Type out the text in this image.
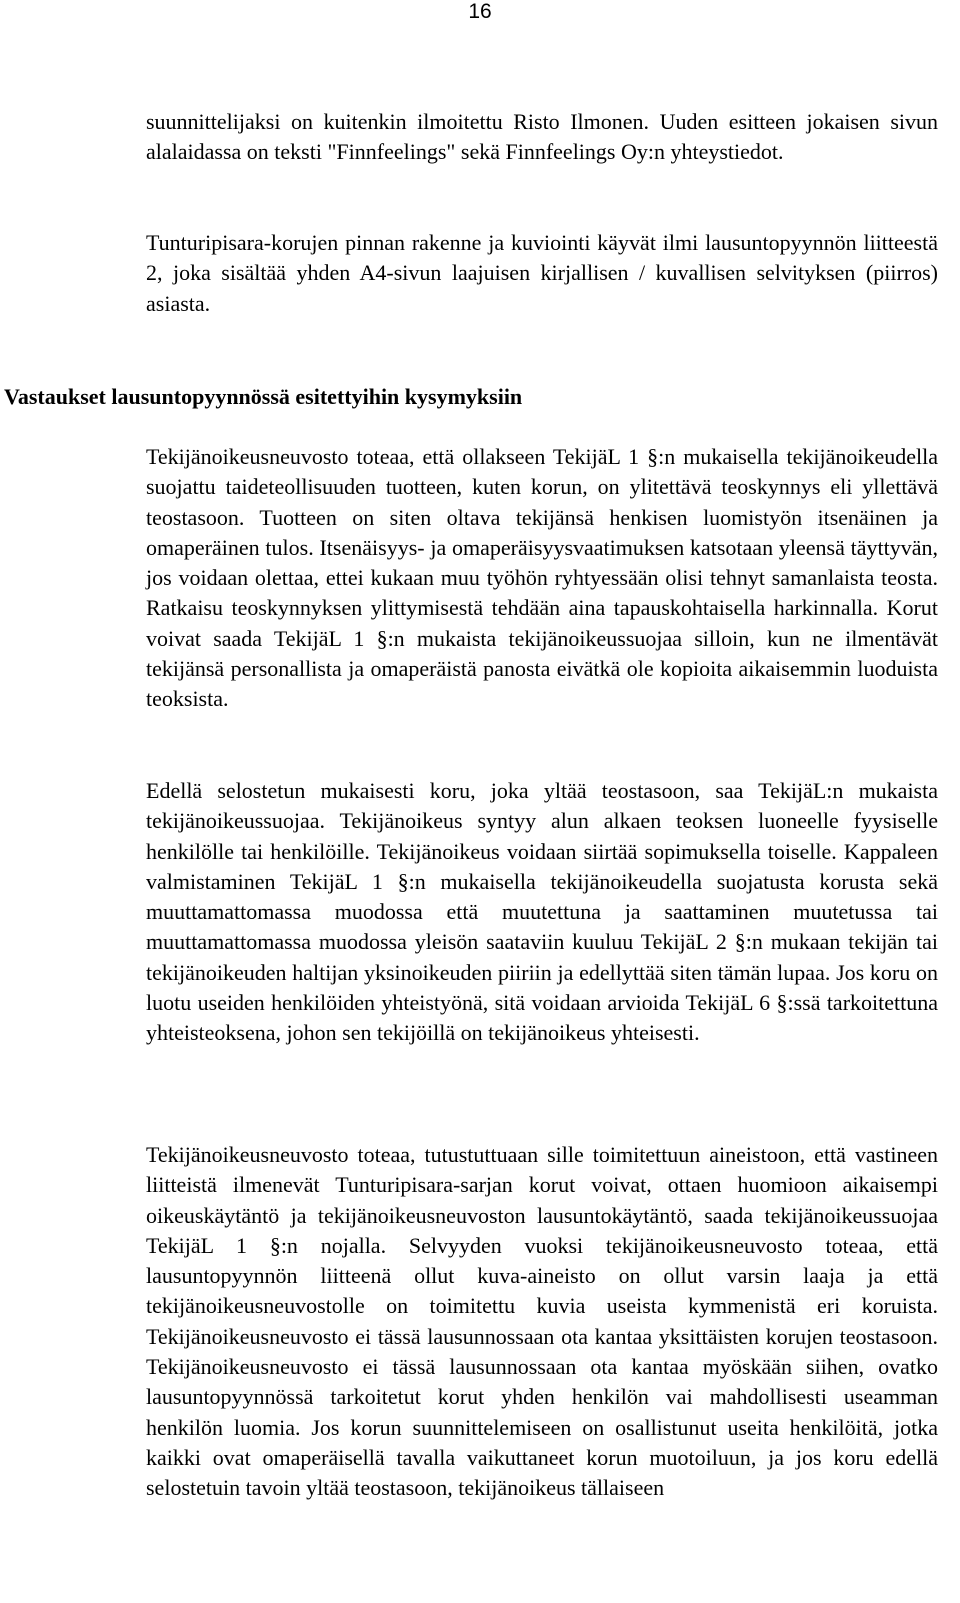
16

suunnittelijaksi on kuitenkin ilmoitettu Risto Ilmonen. Uuden esitteen jokaisen sivun alalaidassa on teksti "Finnfeelings" sekä Finnfeelings Oy:n yhteystiedot.

Tunturipisara-korujen pinnan rakenne ja kuviointi käyvät ilmi lausuntopyynnön liitteestä 2, joka sisältää yhden A4-sivun laajuisen kirjallisen / kuvallisen selvityksen (piirros) asiasta.

Vastaukset lausuntopyynnössä esitettyihin kysymyksiin

Tekijänoikeusneuvosto toteaa, että ollakseen TekijäL 1 §:n mukaisella tekijänoikeudella suojattu taideteollisuuden tuotteen, kuten korun, on ylitettävä teoskynnys eli yllettävä teostasoon. Tuotteen on siten oltava tekijänsä henkisen luomistyön itsenäinen ja omaperäinen tulos. Itsenäisyys- ja omaperäisyysvaatimuksen katsotaan yleensä täyttyvän, jos voidaan olettaa, ettei kukaan muu työhön ryhtyessään olisi tehnyt samanlaista teosta. Ratkaisu teoskynnyksen ylittymisestä tehdään aina tapauskohtaisella harkinnalla. Korut voivat saada TekijäL 1 §:n mukaista tekijänoikeussuojaa silloin, kun ne ilmentävät tekijänsä personallista ja omaperäistä panosta eivätkä ole kopioita aikaisemmin luoduista teoksista.

Edellä selostetun mukaisesti koru, joka yltää teostasoon, saa TekijäL:n mukaista tekijänoikeussuojaa. Tekijänoikeus syntyy alun alkaen teoksen luoneelle fyysiselle henkilölle tai henkilöille. Tekijänoikeus voidaan siirtää sopimuksella toiselle. Kappaleen valmistaminen TekijäL 1 §:n mukaisella tekijänoikeudella suojatusta korusta sekä muuttamattomassa muodossa että muutettuna ja saattaminen muutetussa tai muuttamattomassa muodossa yleisön saataviin kuuluu TekijäL 2 §:n mukaan tekijän tai tekijänoikeuden haltijan yksinoikeuden piiriin ja edellyttää siten tämän lupaa. Jos koru on luotu useiden henkilöiden yhteistyönä, sitä voidaan arvioida TekijäL 6 §:ssä tarkoitettuna yhteisteoksena, johon sen tekijöillä on tekijänoikeus yhteisesti.

Tekijänoikeusneuvosto toteaa, tutustuttuaan sille toimitettuun aineistoon, että vastineen liitteistä ilmenevät Tunturipisara-sarjan korut voivat, ottaen huomioon aikaisempi oikeuskäytäntö ja tekijänoikeusneuvoston lausuntokäytäntö, saada tekijänoikeussuojaa TekijäL 1 §:n nojalla. Selvyyden vuoksi tekijänoikeusneuvosto toteaa, että lausuntopyynnön liitteenä ollut kuva-aineisto on ollut varsin laaja ja että tekijänoikeusneuvostolle on toimitettu kuvia useista kymmenistä eri koruista. Tekijänoikeusneuvosto ei tässä lausunnossaan ota kantaa yksittäisten korujen teostasoon. Tekijänoikeusneuvosto ei tässä lausunnossaan ota kantaa myöskään siihen, ovatko lausuntopyynnössä tarkoitetut korut yhden henkilön vai mahdollisesti useamman henkilön luomia. Jos korun suunnittelemiseen on osallistunut useita henkilöitä, jotka kaikki ovat omaperäisellä tavalla vaikuttaneet korun muotoiluun, ja jos koru edellä selostetuin tavoin yltää teostasoon, tekijänoikeus tällaiseen
